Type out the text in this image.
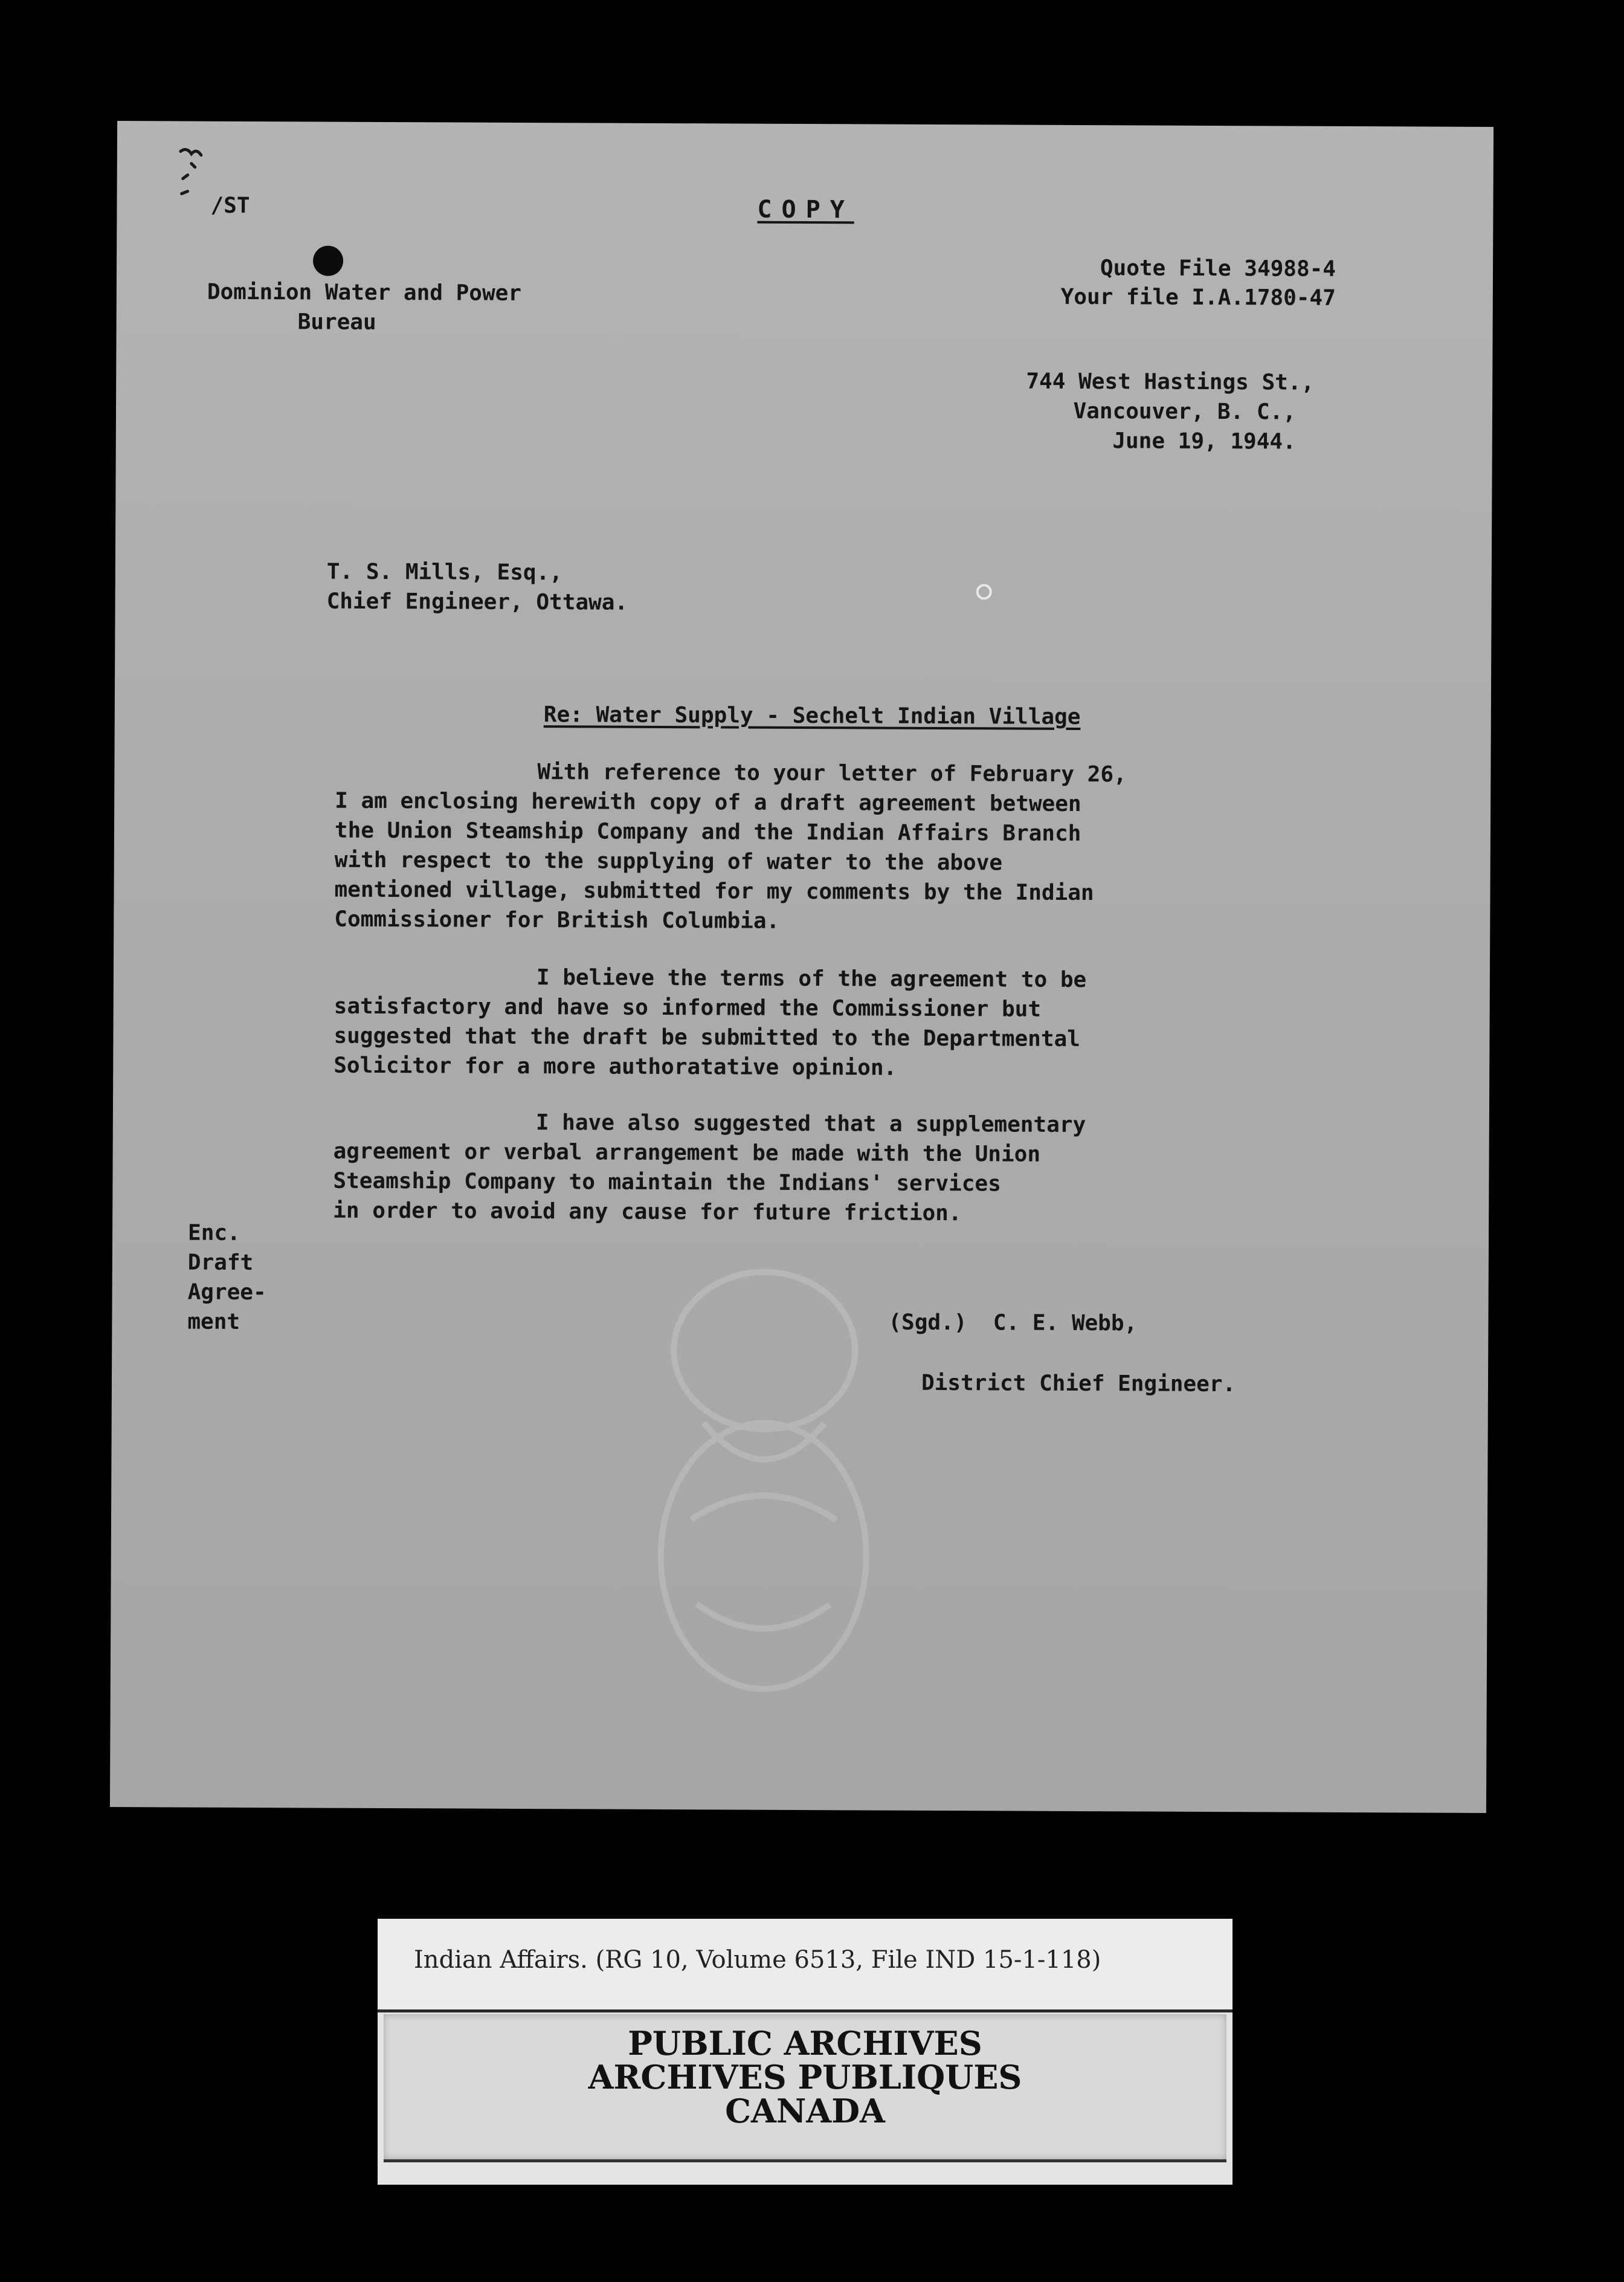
/ST	COPY
Dominion Water and Power
Bureau
Quote File 34988-4
Your file I.A.1780-47
744 West Hastings St.,
Vancouver, B. C.,
June 19, 1944.
T. S. Mills, Esq.,
Chief Engineer, Ottawa.
Re: Water Supply - Sechelt Indian Village
With reference to your letter of February 26,
I am enclosing herewith copy of a draft agreement between
the Union Steamship Company and the Indian Affairs Branch
with respect to the supplying of water to the above
mentioned village, submitted for my comments by the Indian
Commissioner for British Columbia.
I believe the terms of the agreement to be
satisfactory and have so informed the Commissioner but
suggested that the draft be submitted to the Departmental
Solicitor for a more authoratative opinion.
I have also suggested that a supplementary
agreement or verbal arrangement be made with the Union
Steamship Company to maintain the Indians' services
in order to avoid any cause for future friction.
Enc.
Draft
Agree-
ment	(Sgd.)  C. E. Webb,
District Chief Engineer.
Indian Affairs. (RG 10, Volume 6513, File IND 15-1-118)
PUBLIC ARCHIVES
ARCHIVES PUBLIQUES
CANADA
